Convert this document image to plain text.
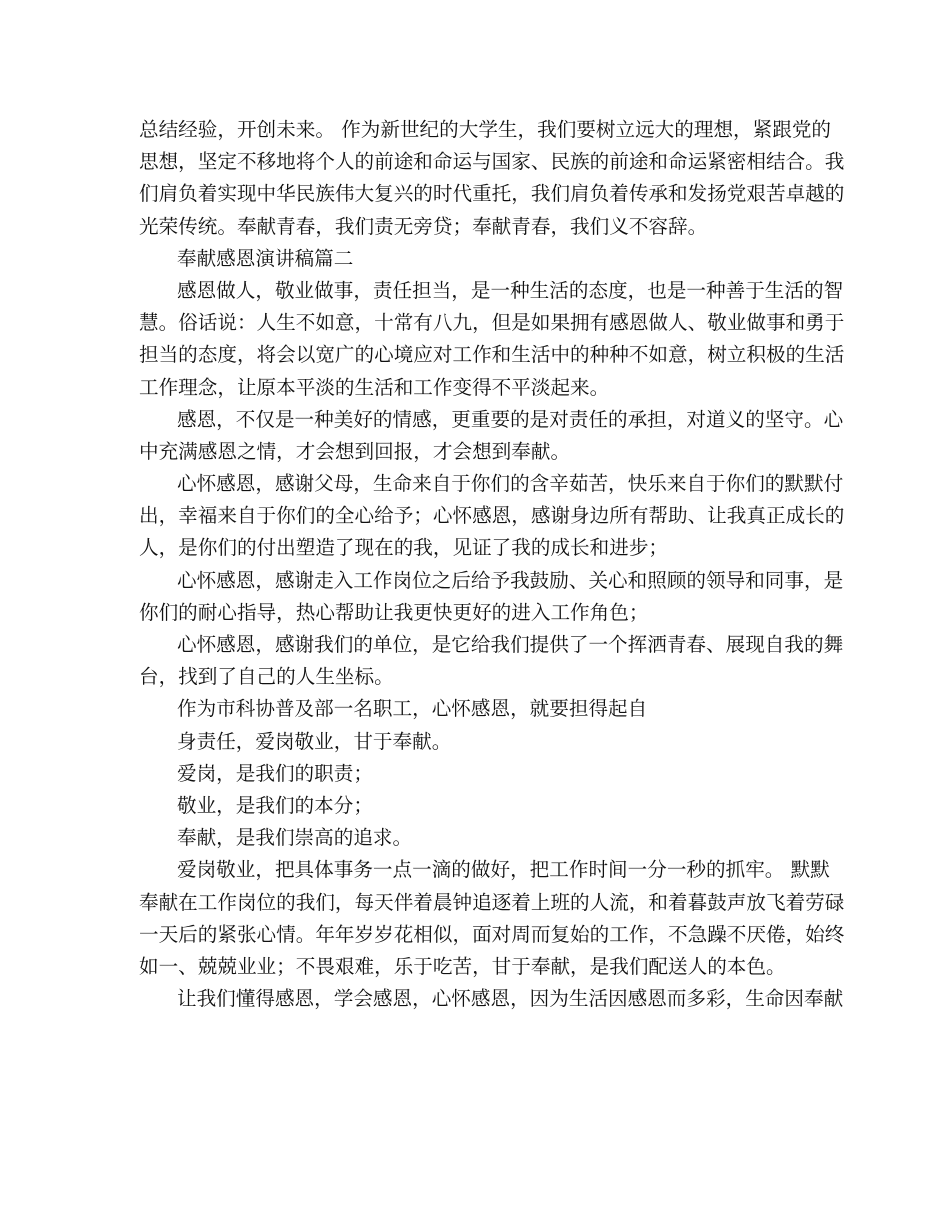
总结经验，开创未来。 作为新世纪的大学生，我们要树立远大的理想，紧跟党的
思想，坚定不移地将个人的前途和命运与国家、民族的前途和命运紧密相结合。我
们肩负着实现中华民族伟大复兴的时代重托，我们肩负着传承和发扬党艰苦卓越的
光荣传统。奉献青春，我们责无旁贷；奉献青春，我们义不容辞。
奉献感恩演讲稿篇二
感恩做人，敬业做事，责任担当，是一种生活的态度，也是一种善于生活的智
慧。俗话说：人生不如意，十常有八九，但是如果拥有感恩做人、敬业做事和勇于
担当的态度，将会以宽广的心境应对工作和生活中的种种不如意，树立积极的生活
工作理念，让原本平淡的生活和工作变得不平淡起来。
感恩，不仅是一种美好的情感，更重要的是对责任的承担，对道义的坚守。心
中充满感恩之情，才会想到回报，才会想到奉献。
心怀感恩，感谢父母，生命来自于你们的含辛茹苦，快乐来自于你们的默默付
出，幸福来自于你们的全心给予；心怀感恩，感谢身边所有帮助、让我真正成长的
人，是你们的付出塑造了现在的我，见证了我的成长和进步；
心怀感恩，感谢走入工作岗位之后给予我鼓励、关心和照顾的领导和同事，是
你们的耐心指导，热心帮助让我更快更好的进入工作角色；
心怀感恩，感谢我们的单位，是它给我们提供了一个挥洒青春、展现自我的舞
台，找到了自己的人生坐标。
作为市科协普及部一名职工，心怀感恩，就要担得起自
身责任，爱岗敬业，甘于奉献。
爱岗，是我们的职责；
敬业，是我们的本分；
奉献，是我们崇高的追求。
爱岗敬业，把具体事务一点一滴的做好，把工作时间一分一秒的抓牢。 默默
奉献在工作岗位的我们，每天伴着晨钟追逐着上班的人流，和着暮鼓声放飞着劳碌
一天后的紧张心情。年年岁岁花相似，面对周而复始的工作，不急躁不厌倦，始终
如一、兢兢业业；不畏艰难，乐于吃苦，甘于奉献，是我们配送人的本色。
让我们懂得感恩，学会感恩，心怀感恩，因为生活因感恩而多彩，生命因奉献
